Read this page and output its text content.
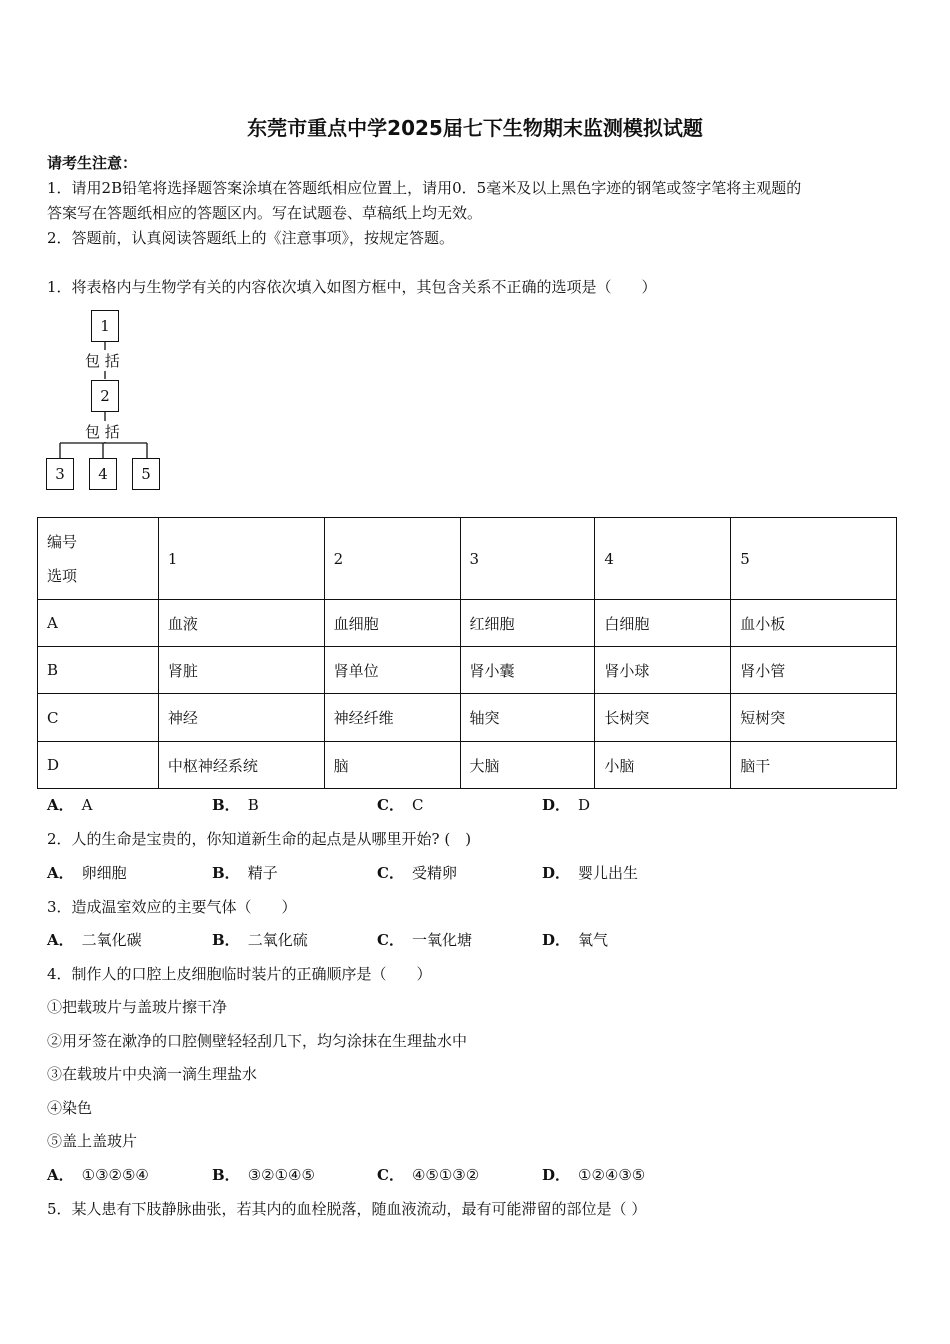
东莞市重点中学2025届七下生物期末监测模拟试题
请考生注意：
1．请用2B铅笔将选择题答案涂填在答题纸相应位置上，请用0．5毫米及以上黑色字迹的钢笔或签字笔将主观题的
答案写在答题纸相应的答题区内。写在试题卷、草稿纸上均无效。
2．答题前，认真阅读答题纸上的《注意事项》，按规定答题。
1．将表格内与生物学有关的内容依次填入如图方框中，其包含关系不正确的选项是（　　）
1
包 括
2
包 括
3	4	5
编号
选项	1	2	3	4	5
A	血液	血细胞	红细胞	白细胞	血小板
B	肾脏	肾单位	肾小囊	肾小球	肾小管
C	神经	神经纤维	轴突	长树突	短树突
D	中枢神经系统	脑	大脑	小脑	脑干
A． A	B． B	C． C	D． D
2．人的生命是宝贵的，你知道新生命的起点是从哪里开始? (　)
A． 卵细胞	B． 精子	C． 受精卵	D． 婴儿出生
3．造成温室效应的主要气体（　　）
A． 二氧化碳	B． 二氧化硫	C． 一氧化塘	D． 氧气
4．制作人的口腔上皮细胞临时装片的正确顺序是（　　）
①把载玻片与盖玻片擦干净
②用牙签在漱净的口腔侧壁轻轻刮几下，均匀涂抹在生理盐水中
③在载玻片中央滴一滴生理盐水
④染色
⑤盖上盖玻片
A． ①③②⑤④	B． ③②①④⑤	C． ④⑤①③②	D． ①②④③⑤
5．某人患有下肢静脉曲张，若其内的血栓脱落，随血液流动，最有可能滞留的部位是（ ）
